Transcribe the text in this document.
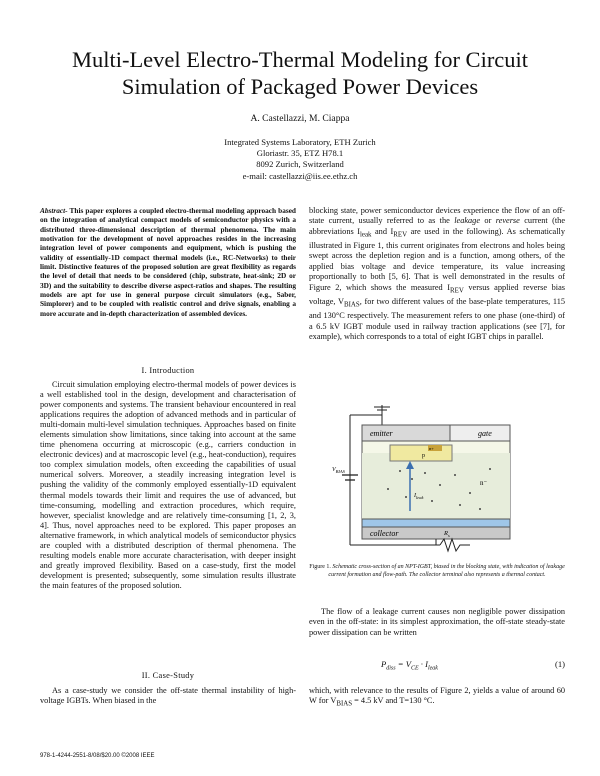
Multi-Level Electro-Thermal Modeling for Circuit
Simulation of Packaged Power Devices
A. Castellazzi, M. Ciappa
Integrated Systems Laboratory, ETH Zurich
Gloriastr. 35, ETZ H78.1
8092 Zurich, Switzerland
e-mail: castellazzi@iis.ee.ethz.ch

Abstract- This paper explores a coupled electro-thermal modeling approach based on the integration of analytical compact models of semiconductor physics with a distributed three-dimensional description of thermal phenomena. The main motivation for the development of novel approaches resides in the increasing integration level of power components and equipment, which is pushing the validity of essentially-1D compact thermal models (i.e., RC-Networks) to their limit. Distinctive features of the proposed solution are great flexibility as regards the level of detail that needs to be considered (chip, substrate, heat-sink; 2D or 3D) and the suitability to describe diverse aspect-ratios and shapes. The resulting models are apt for use in general purpose circuit simulators (e.g., Saber, Simplorer) and to be coupled with realistic control and drive signals, enabling a more accurate and in-depth characterization of assembled devices.

I. Introduction

Circuit simulation employing electro-thermal models of power devices is a well established tool in the design, development and characterisation of power components and systems. The transient behaviour encountered in real applications requires the adoption of advanced methods and in particular of multi-domain multi-level simulation techniques. Approaches based on finite elements simulation show limitations, since taking into account at the same time phenomena occurring at microscopic (e.g., carriers conduction in electronic devices) and at macroscopic level (e.g., heat-conduction), requires too complex simulation models, often exceeding the capabilities of usual numerical solvers. Moreover, a steadily increasing integration level is pushing the validity of the commonly employed essentially-1D equivalent thermal models towards their limit and requires the use of advanced, but time-consuming, modelling and extraction procedures, which require, however, specialist knowledge and are relatively time-consuming [1, 2, 3, 4]. Thus, novel approaches need to be explored. This paper proposes an alternative framework, in which analytical models of semiconductor physics are coupled with a distributed description of thermal phenomena. The resulting models enable more accurate characterisation, with deeper insight and greatly improved flexibility. Based on a case-study, first the model development is presented; subsequently, some simulation results illustrate the main features of the proposed solution.

II. Case-Study

As a case-study we consider the off-state thermal instability of high-voltage IGBTs. When biased in the

blocking state, power semiconductor devices experience the flow of an off-state current, usually referred to as the leakage or reverse current (the abbreviations $I_{leak}$ and $I_{REV}$ are used in the following). As schematically illustrated in Figure 1, this current originates from electrons and holes being swept across the depletion region and is a function, among others, of the applied bias voltage and device temperature, its value increasing proportionally to both [5, 6]. That is well demonstrated in the results of Figure 2, which shows the measured $I_{REV}$ versus applied reverse bias voltage, $V_{BIAS}$, for two different values of the base-plate temperatures, 115 and 130°C respectively. The measurement refers to one phase (one-third) of a 6.5 kV IGBT module used in railway traction applications (see [7], for example), which corresponds to a total of eight IGBT chips in parallel.

emitter	gate
p
n+
n⁻
$I_{leak}$
collector
$V_{BIAS}$
$R_s$
Figure 1. Schematic cross-section of an NPT-IGBT, biased in the blocking state, with indication of leakage current formation and flow-path. The collector terminal also represents a thermal contact.

The flow of a leakage current causes non negligible power dissipation even in the off-state: in its simplest approximation, the off-state steady-state power dissipation can be written

$P_{diss} = V_{CE} \cdot I_{leak}$	(1)

which, with relevance to the results of Figure 2, yields a value of around 60 W for $V_{BIAS} = 4.5$ kV and T=130 °C.

978-1-4244-2551-8/08/$20.00 ©2008 IEEE
